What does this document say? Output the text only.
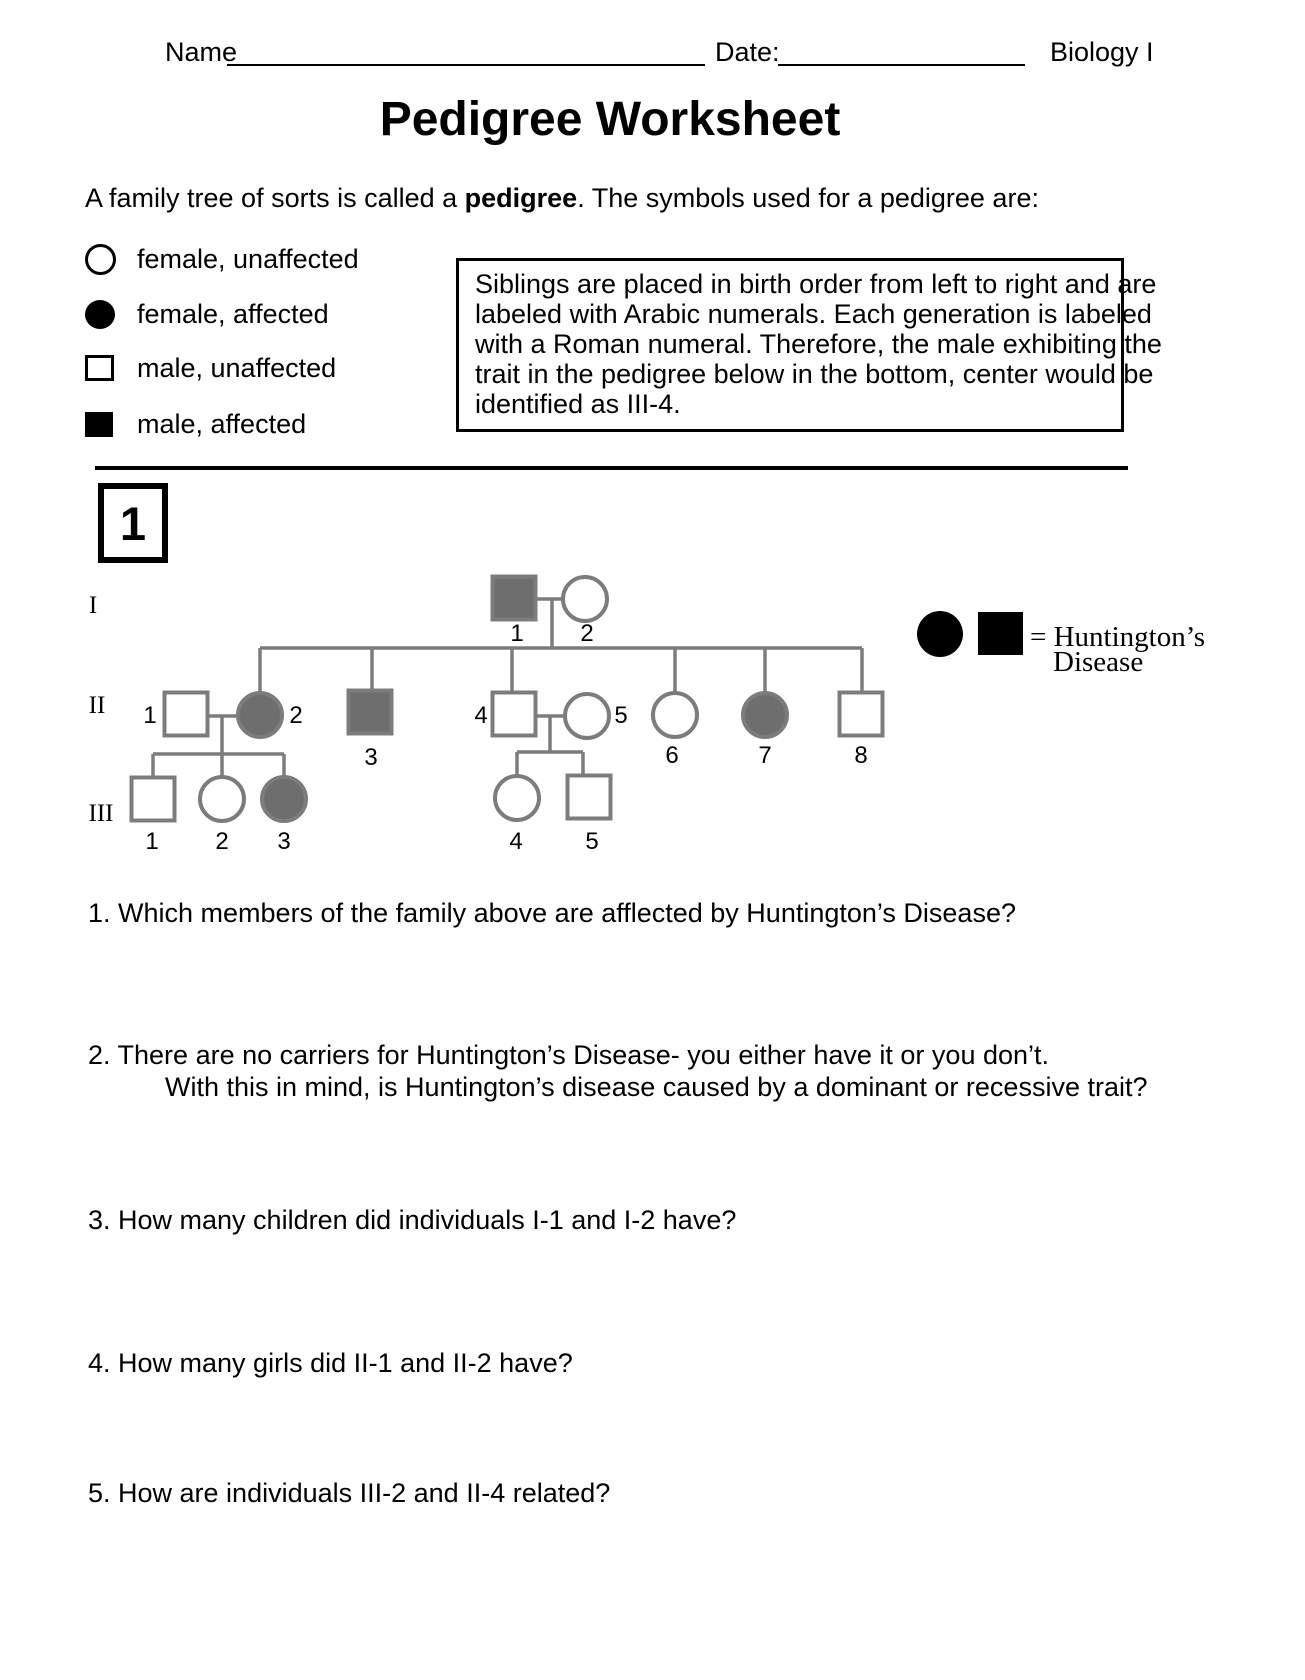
Name	Date:	Biology I
Pedigree Worksheet
A family tree of sorts is called a pedigree. The symbols used for a pedigree are:
female, unaffected
female, affected
male, unaffected
male, affected
Siblings are placed in birth order from left to right and are
labeled with Arabic numerals. Each generation is labeled
with a Roman numeral. Therefore, the male exhibiting the
trait in the pedigree below in the bottom, center would be
identified as III-4.
1
1 2
1	2
3
4	5
6	7	8
1 2 3	4	5
I
II
III
= Huntington’s
Disease
1. Which members of the family above are afflected by Huntington’s Disease?
2. There are no carriers for Huntington’s Disease- you either have it or you don’t.
With this in mind, is Huntington’s disease caused by a dominant or recessive trait?
3. How many children did individuals I-1 and I-2 have?
4. How many girls did II-1 and II-2 have?
5. How are individuals III-2 and II-4 related?
